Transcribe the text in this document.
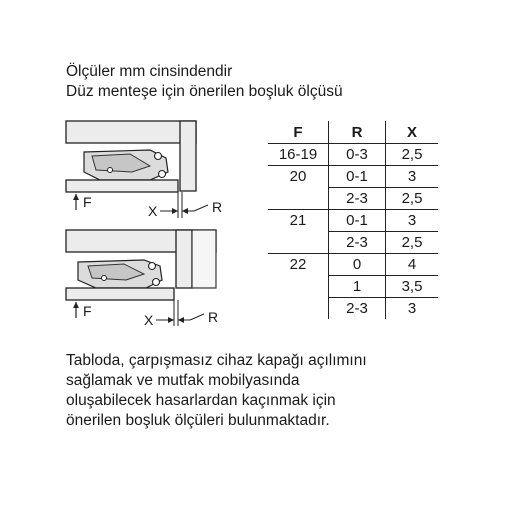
Ölçüler mm cinsindendir
Düz menteşe için önerilen boşluk ölçüsü
F
X	R
F
X	R
F	R	X
16-19	0-3	2,5
20	0-1	3
	2-3	2,5
21	0-1	3
	2-3	2,5
22	0	4
	1	3,5
	2-3	3
Tabloda, çarpışmasız cihaz kapağı açılımını
sağlamak ve mutfak mobilyasında
oluşabilecek hasarlardan kaçınmak için
önerilen boşluk ölçüleri bulunmaktadır.
